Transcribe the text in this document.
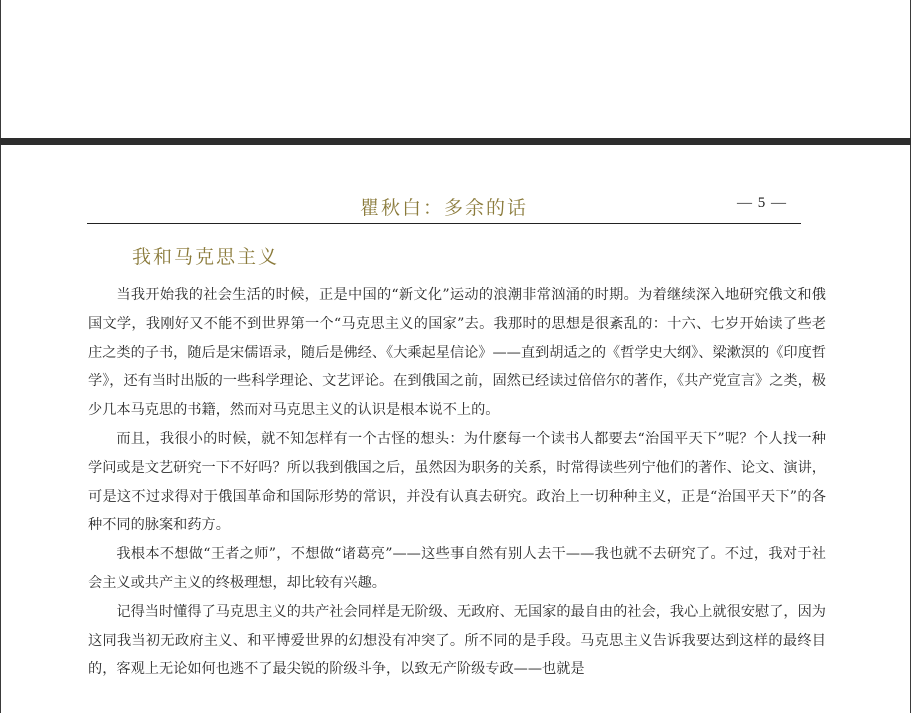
瞿秋白：多余的话	— 5 —
我和马克思主义

当我开始我的社会生活的时候，正是中国的“新文化”运动的浪潮非常汹涌的时期。为着继续深入地研究俄文和俄国文学，我刚好又不能不到世界第一个“马克思主义的国家”去。我那时的思想是很紊乱的：十六、七岁开始读了些老庄之类的子书，随后是宋儒语录，随后是佛经、《大乘起星信论》——直到胡适之的《哲学史大纲》、梁漱溟的《印度哲学》，还有当时出版的一些科学理论、文艺评论。在到俄国之前，固然已经读过倍倍尔的著作，《共产党宣言》之类，极少几本马克思的书籍，然而对马克思主义的认识是根本说不上的。

而且，我很小的时候，就不知怎样有一个古怪的想头：为什麽每一个读书人都要去“治国平天下”呢？个人找一种学问或是文艺研究一下不好吗？所以我到俄国之后，虽然因为职务的关系，时常得读些列宁他们的著作、论文、演讲，可是这不过求得对于俄国革命和国际形势的常识，并没有认真去研究。政治上一切种种主义，正是“治国平天下”的各种不同的脉案和药方。

我根本不想做“王者之师”，不想做“诸葛亮”——这些事自然有别人去干——我也就不去研究了。不过，我对于社会主义或共产主义的终极理想，却比较有兴趣。

记得当时懂得了马克思主义的共产社会同样是无阶级、无政府、无国家的最自由的社会，我心上就很安慰了，因为这同我当初无政府主义、和平博爱世界的幻想没有冲突了。所不同的是手段。马克思主义告诉我要达到这样的最终目的，客观上无论如何也逃不了最尖锐的阶级斗争，以致无产阶级专政——也就是
